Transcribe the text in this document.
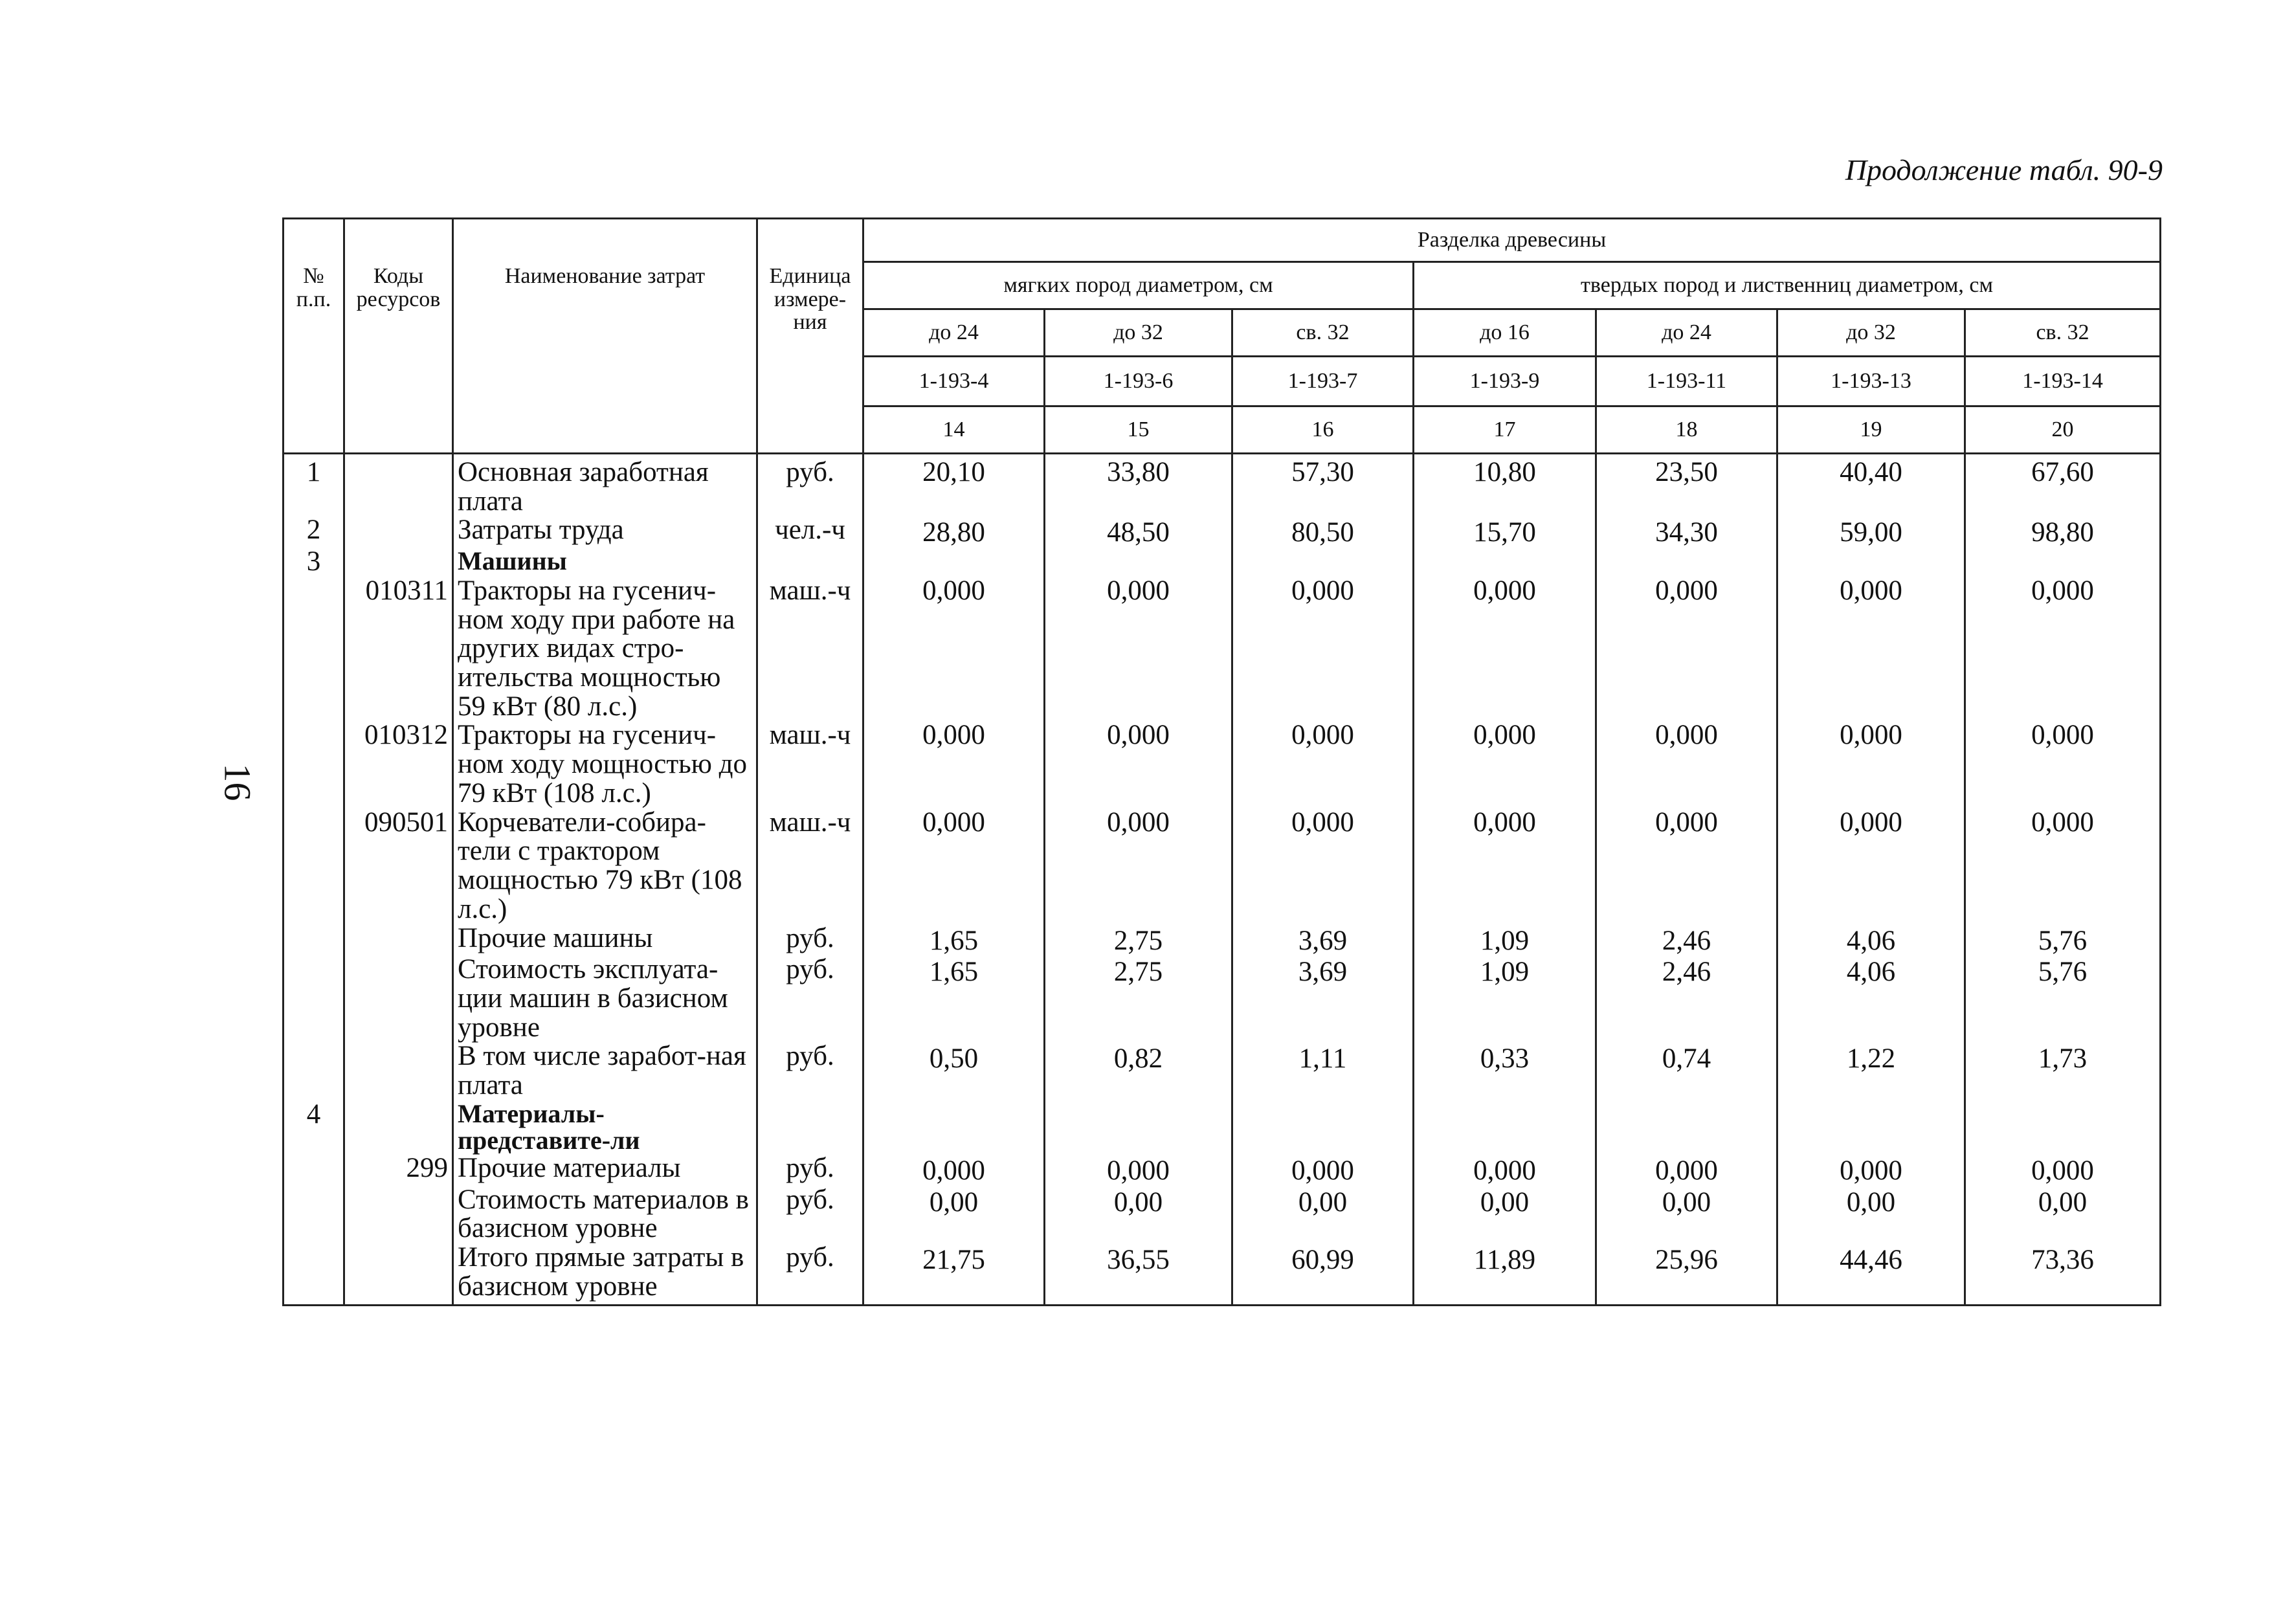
Продолжение табл. 90-9
16
№ п.п.	Коды ресурсов	Наименование затрат	Единица измере-ния	Разделка древесины						
				мягких пород диаметром, см			твердых пород и лиственниц диаметром, см			
				до 24	до 32	св. 32	до 16	до 24	до 32	св. 32
				1-193-4	1-193-6	1-193-7	1-193-9	1-193-11	1-193-13	1-193-14
				14	15	16	17	18	19	20
1		Основная заработная плата	руб.	20,10	33,80	57,30	10,80	23,50	40,40	67,60
2		Затраты труда	чел.-ч	28,80	48,50	80,50	15,70	34,30	59,00	98,80
3		Машины								
	010311	Тракторы на гусенич-ном ходу при работе на других видах стро-ительства мощностью 59 кВт (80 л.с.)	маш.-ч	0,000	0,000	0,000	0,000	0,000	0,000	0,000
	010312	Тракторы на гусенич-ном ходу мощностью до 79 кВт (108 л.с.)	маш.-ч	0,000	0,000	0,000	0,000	0,000	0,000	0,000
	090501	Корчеватели-собира-тели с трактором мощностью 79 кВт (108 л.с.)	маш.-ч	0,000	0,000	0,000	0,000	0,000	0,000	0,000
		Прочие машины	руб.	1,65	2,75	3,69	1,09	2,46	4,06	5,76
		Стоимость эксплуата-ции машин в базисном уровне	руб.	1,65	2,75	3,69	1,09	2,46	4,06	5,76
		В том числе заработ-ная плата	руб.	0,50	0,82	1,11	0,33	0,74	1,22	1,73
4		Материалы-представите-ли								
	299	Прочие материалы	руб.	0,000	0,000	0,000	0,000	0,000	0,000	0,000
		Стоимость материалов в базисном уровне	руб.	0,00	0,00	0,00	0,00	0,00	0,00	0,00
		Итого прямые затраты в базисном уровне	руб.	21,75	36,55	60,99	11,89	25,96	44,46	73,36
